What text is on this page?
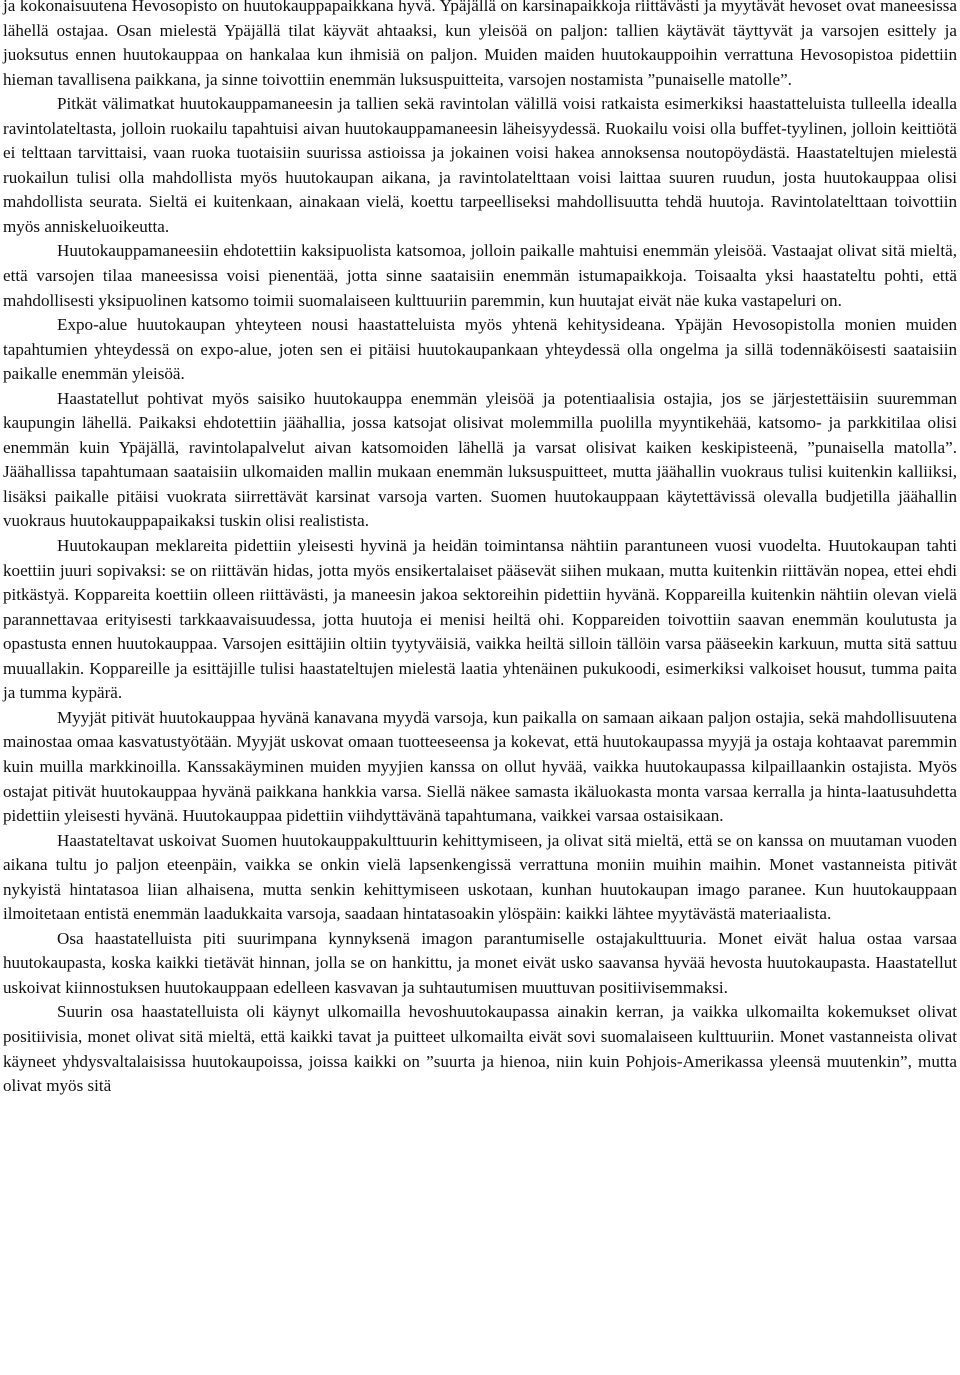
ja kokonaisuutena Hevosopisto on huutokauppapaikkana hyvä. Ypäjällä on karsinapaikkoja riittävästi ja myytävät hevoset ovat maneesissa lähellä ostajaa. Osan mielestä Ypäjällä tilat käyvät ahtaaksi, kun yleisöä on paljon: tallien käytävät täyttyvät ja varsojen esittely ja juoksutus ennen huutokauppaa on hankalaa kun ihmisiä on paljon. Muiden maiden huutokauppoihin verrattuna Hevosopistoa pidettiin hieman tavallisena paikkana, ja sinne toivottiin enemmän luksuspuitteita, varsojen nostamista ”punaiselle matolle”.

Pitkät välimatkat huutokauppamaneesin ja tallien sekä ravintolan välillä voisi ratkaista esimerkiksi haastatteluista tulleella idealla ravintolateltasta, jolloin ruokailu tapahtuisi aivan huutokauppamaneesin läheisyydessä. Ruokailu voisi olla buffet-tyylinen, jolloin keittiötä ei telttaan tarvittaisi, vaan ruoka tuotaisiin suurissa astioissa ja jokainen voisi hakea annoksensa noutopöydästä. Haastateltujen mielestä ruokailun tulisi olla mahdollista myös huutokaupan aikana, ja ravintolatelttaan voisi laittaa suuren ruudun, josta huutokauppaa olisi mahdollista seurata. Sieltä ei kuitenkaan, ainakaan vielä, koettu tarpeelliseksi mahdollisuutta tehdä huutoja. Ravintolatelttaan toivottiin myös anniskeluoikeutta.

Huutokauppamaneesiin ehdotettiin kaksipuolista katsomoa, jolloin paikalle mahtuisi enemmän yleisöä. Vastaajat olivat sitä mieltä, että varsojen tilaa maneesissa voisi pienentää, jotta sinne saataisiin enemmän istumapaikkoja. Toisaalta yksi haastateltu pohti, että mahdollisesti yksipuolinen katsomo toimii suomalaiseen kulttuuriin paremmin, kun huutajat eivät näe kuka vastapeluri on.

Expo-alue huutokaupan yhteyteen nousi haastatteluista myös yhtenä kehitysideana. Ypäjän Hevosopistolla monien muiden tapahtumien yhteydessä on expo-alue, joten sen ei pitäisi huutokaupankaan yhteydessä olla ongelma ja sillä todennäköisesti saataisiin paikalle enemmän yleisöä.

Haastatellut pohtivat myös saisiko huutokauppa enemmän yleisöä ja potentiaalisia ostajia, jos se järjestettäisiin suuremman kaupungin lähellä. Paikaksi ehdotettiin jäähallia, jossa katsojat olisivat molemmilla puolilla myyntikehää, katsomo- ja parkkitilaa olisi enemmän kuin Ypäjällä, ravintolapalvelut aivan katsomoiden lähellä ja varsat olisivat kaiken keskipisteenä, ”punaisella matolla”. Jäähallissa tapahtumaan saataisiin ulkomaiden mallin mukaan enemmän luksuspuitteet, mutta jäähallin vuokraus tulisi kuitenkin kalliiksi, lisäksi paikalle pitäisi vuokrata siirrettävät karsinat varsoja varten. Suomen huutokauppaan käytettävissä olevalla budjetilla jäähallin vuokraus huutokauppapaikaksi tuskin olisi realistista.

Huutokaupan meklareita pidettiin yleisesti hyvinä ja heidän toimintansa nähtiin parantuneen vuosi vuodelta. Huutokaupan tahti koettiin juuri sopivaksi: se on riittävän hidas, jotta myös ensikertalaiset pääsevät siihen mukaan, mutta kuitenkin riittävän nopea, ettei ehdi pitkästyä. Koppareita koettiin olleen riittävästi, ja maneesin jakoa sektoreihin pidettiin hyvänä. Koppareilla kuitenkin nähtiin olevan vielä parannettavaa erityisesti tarkkaavaisuudessa, jotta huutoja ei menisi heiltä ohi. Koppareiden toivottiin saavan enemmän koulutusta ja opastusta ennen huutokauppaa. Varsojen esittäjiin oltiin tyytyväisiä, vaikka heiltä silloin tällöin varsa pääseekin karkuun, mutta sitä sattuu muuallakin. Koppareille ja esittäjille tulisi haastateltujen mielestä laatia yhtenäinen pukukoodi, esimerkiksi valkoiset housut, tumma paita ja tumma kypärä.

Myyjät pitivät huutokauppaa hyvänä kanavana myydä varsoja, kun paikalla on samaan aikaan paljon ostajia, sekä mahdollisuutena mainostaa omaa kasvatustyötään. Myyjät uskovat omaan tuotteeseensa ja kokevat, että huutokaupassa myyjä ja ostaja kohtaavat paremmin kuin muilla markkinoilla. Kanssakäyminen muiden myyjien kanssa on ollut hyvää, vaikka huutokaupassa kilpaillaankin ostajista. Myös ostajat pitivät huutokauppaa hyvänä paikkana hankkia varsa. Siellä näkee samasta ikäluokasta monta varsaa kerralla ja hinta-laatusuhdetta pidettiin yleisesti hyvänä. Huutokauppaa pidettiin viihdyttävänä tapahtumana, vaikkei varsaa ostaisikaan.

Haastateltavat uskoivat Suomen huutokauppakulttuurin kehittymiseen, ja olivat sitä mieltä, että se on kanssa on muutaman vuoden aikana tultu jo paljon eteenpäin, vaikka se onkin vielä lapsenkengissä verrattuna moniin muihin maihin. Monet vastanneista pitivät nykyistä hintatasoa liian alhaisena, mutta senkin kehittymiseen uskotaan, kunhan huutokaupan imago paranee. Kun huutokauppaan ilmoitetaan entistä enemmän laadukkaita varsoja, saadaan hintatasoakin ylöspäin: kaikki lähtee myytävästä materiaalista.

Osa haastatelluista piti suurimpana kynnyksenä imagon parantumiselle ostajakulttuuria. Monet eivät halua ostaa varsaa huutokaupasta, koska kaikki tietävät hinnan, jolla se on hankittu, ja monet eivät usko saavansa hyvää hevosta huutokaupasta. Haastatellut uskoivat kiinnostuksen huutokauppaan edelleen kasvavan ja suhtautumisen muuttuvan positiivisemmaksi.

Suurin osa haastatelluista oli käynyt ulkomailla hevoshuutokaupassa ainakin kerran, ja vaikka ulkomailta kokemukset olivat positiivisia, monet olivat sitä mieltä, että kaikki tavat ja puitteet ulkomailta eivät sovi suomalaiseen kulttuuriin. Monet vastanneista olivat käyneet yhdysvaltalaisissa huutokaupoissa, joissa kaikki on ”suurta ja hienoa, niin kuin Pohjois-Amerikassa yleensä muutenkin”, mutta olivat myös sitä
